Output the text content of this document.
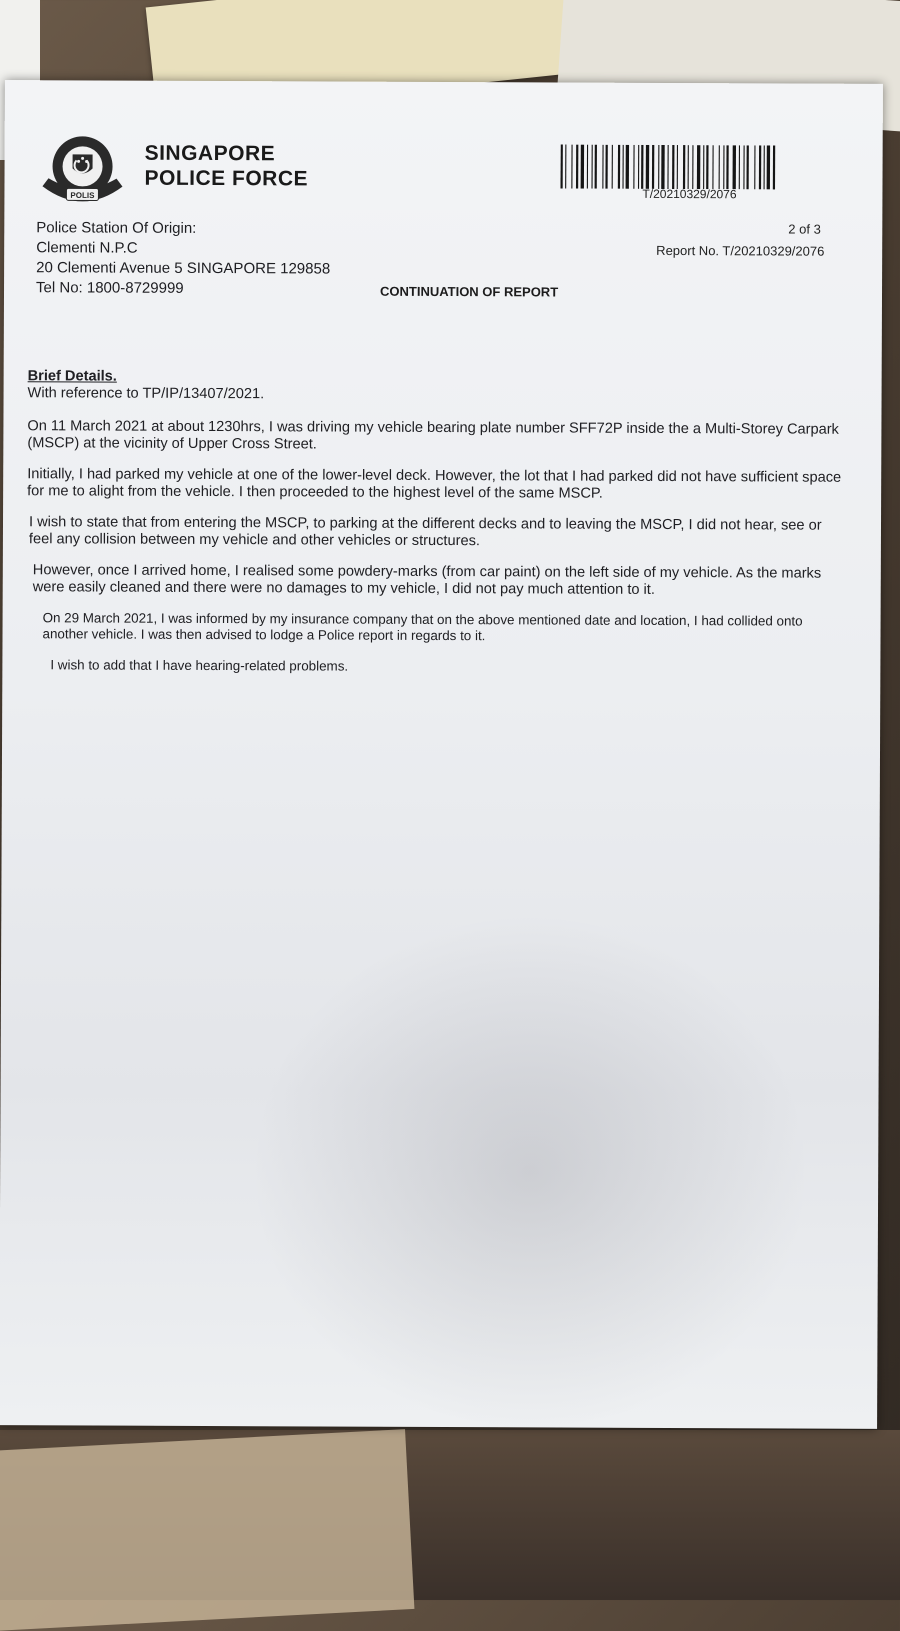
POLIS
SINGAPORE
POLICE FORCE
T/20210329/2076
Police Station Of Origin:
Clementi N.P.C
20 Clementi Avenue 5 SINGAPORE 129858
Tel No: 1800-8729999
2 of 3
Report No. T/20210329/2076
CONTINUATION OF REPORT
Brief Details.
With reference to TP/IP/13407/2021.

On 11 March 2021 at about 1230hrs, I was driving my vehicle bearing plate number SFF72P inside the a Multi-Storey Carpark (MSCP) at the vicinity of Upper Cross Street.

Initially, I had parked my vehicle at one of the lower-level deck. However, the lot that I had parked did not have sufficient space for me to alight from the vehicle. I then proceeded to the highest level of the same MSCP.

I wish to state that from entering the MSCP, to parking at the different decks and to leaving the MSCP, I did not hear, see or feel any collision between my vehicle and other vehicles or structures.

However, once I arrived home, I realised some powdery-marks (from car paint) on the left side of my vehicle. As the marks were easily cleaned and there were no damages to my vehicle, I did not pay much attention to it.

On 29 March 2021, I was informed by my insurance company that on the above mentioned date and location, I had collided onto another vehicle. I was then advised to lodge a Police report in regards to it.

I wish to add that I have hearing-related problems.
